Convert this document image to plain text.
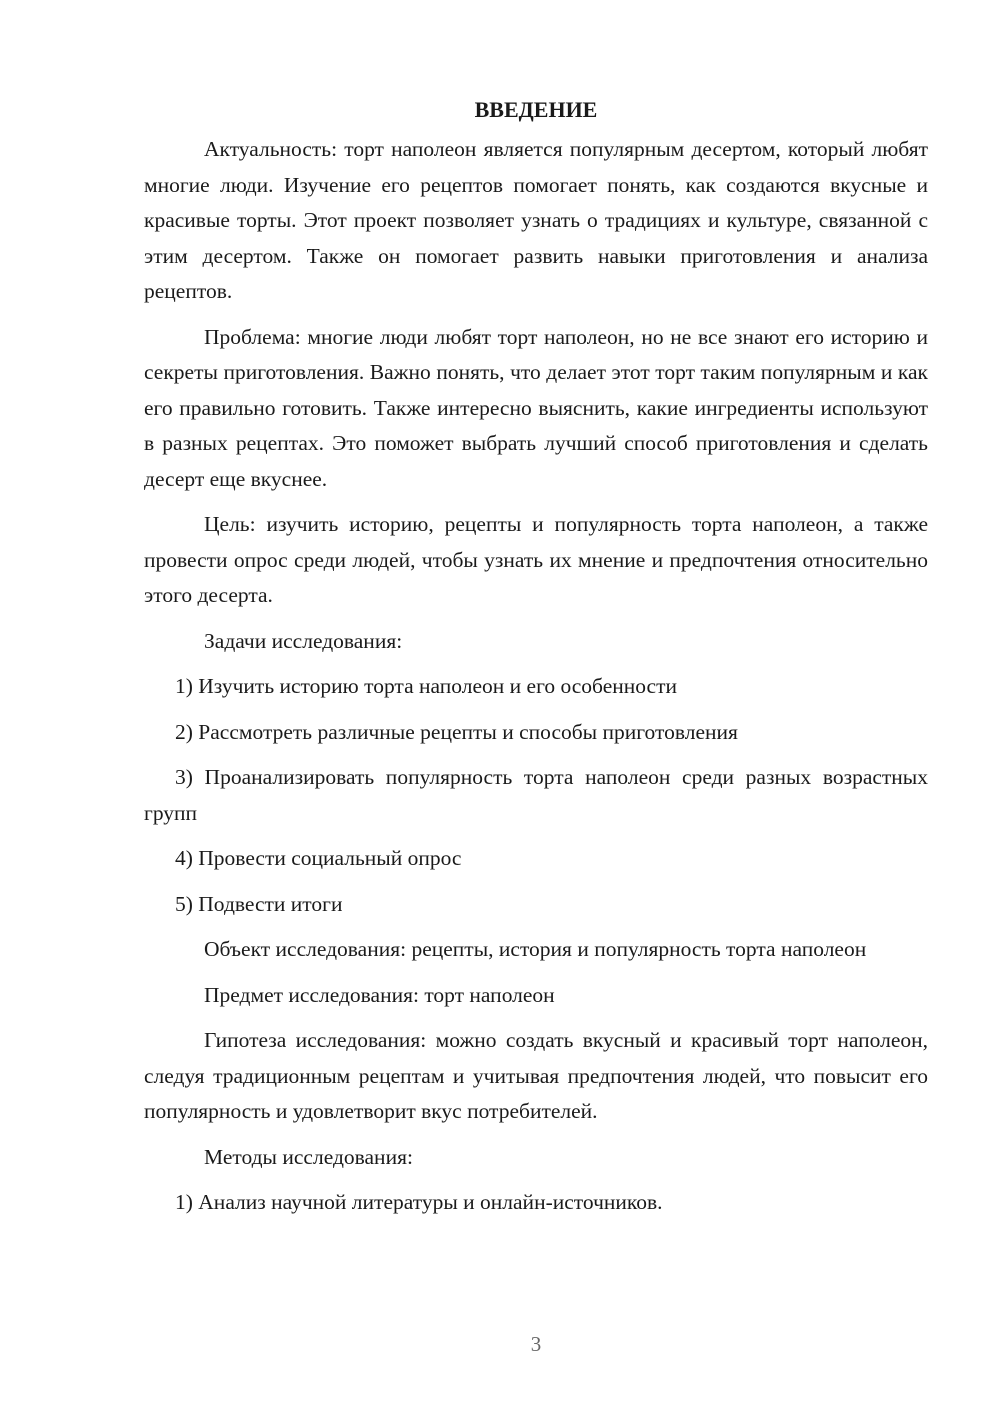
ВВЕДЕНИЕ

Актуальность: торт наполеон является популярным десертом, который любят многие люди. Изучение его рецептов помогает понять, как создаются вкусные и красивые торты. Этот проект позволяет узнать о традициях и культуре, связанной с этим десертом. Также он помогает развить навыки приготовления и анализа рецептов.

Проблема: многие люди любят торт наполеон, но не все знают его историю и секреты приготовления. Важно понять, что делает этот торт таким популярным и как его правильно готовить. Также интересно выяснить, какие ингредиенты используют в разных рецептах. Это поможет выбрать лучший способ приготовления и сделать десерт еще вкуснее.

Цель: изучить историю, рецепты и популярность торта наполеон, а также провести опрос среди людей, чтобы узнать их мнение и предпочтения относительно этого десерта.

Задачи исследования:

1) Изучить историю торта наполеон и его особенности

2) Рассмотреть различные рецепты и способы приготовления

3) Проанализировать популярность торта наполеон среди разных возрастных групп

4) Провести социальный опрос

5) Подвести итоги

Объект исследования: рецепты, история и популярность торта наполеон

Предмет исследования: торт наполеон

Гипотеза исследования: можно создать вкусный и красивый торт наполеон, следуя традиционным рецептам и учитывая предпочтения людей, что повысит его популярность и удовлетворит вкус потребителей.

Методы исследования:

1) Анализ научной литературы и онлайн-источников.

3
